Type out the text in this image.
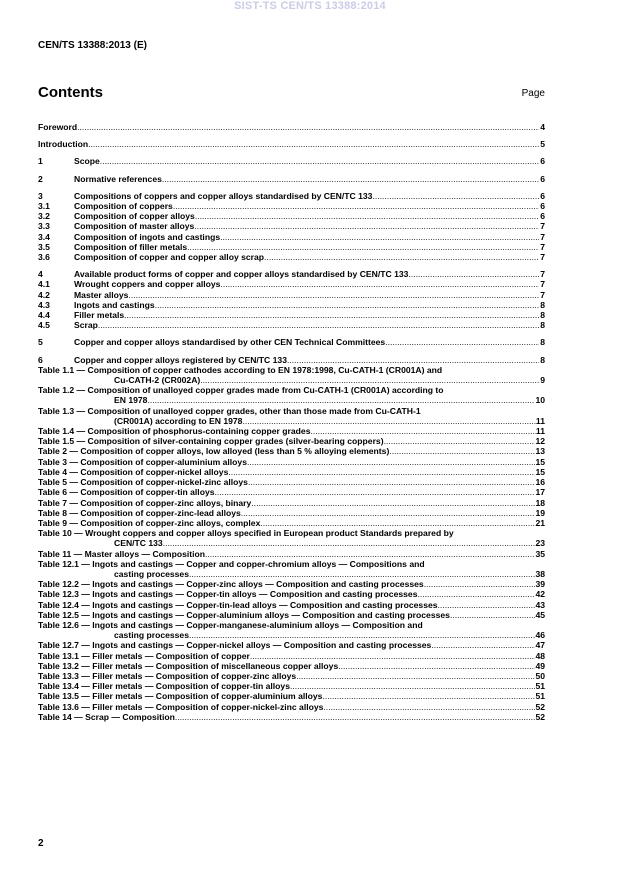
SIST-TS CEN/TS 13388:2014
CEN/TS 13388:2013 (E)
Contents	Page
Foreword .....	4
Introduction .....	5
1	Scope .....	6
2	Normative references .....	6
3	Compositions of coppers and copper alloys standardised by CEN/TC 133 .....	6
3.1	Composition of coppers .....	6
3.2	Composition of copper alloys .....	6
3.3	Composition of master alloys .....	7
3.4	Composition of ingots and castings .....	7
3.5	Composition of filler metals .....	7
3.6	Composition of copper and copper alloy scrap .....	7
4	Available product forms of copper and copper alloys standardised by CEN/TC 133 .....	7
4.1	Wrought coppers and copper alloys .....	7
4.2	Master alloys .....	7
4.3	Ingots and castings .....	8
4.4	Filler metals .....	8
4.5	Scrap .....	8
5	Copper and copper alloys standardised by other CEN Technical Committees .....	8
6	Copper and copper alloys registered by CEN/TC 133 .....	8
Table 1.1 — Composition of copper cathodes according to EN 1978:1998, Cu-CATH-1 (CR001A) and
Cu-CATH-2 (CR002A) .....	9
Table 1.2 — Composition of unalloyed copper grades made from Cu-CATH-1 (CR001A) according to
EN 1978 .....	10
Table 1.3 — Composition of unalloyed copper grades, other than those made from Cu-CATH-1
(CR001A) according to EN 1978 .....	11
Table 1.4 — Composition of phosphorus-containing copper grades .....	11
Table 1.5 — Composition of silver-containing copper grades (silver-bearing coppers) .....	12
Table 2 — Composition of copper alloys, low alloyed (less than 5 % alloying elements) .....	13
Table 3 — Composition of copper-aluminium alloys .....	15
Table 4 — Composition of copper-nickel alloys .....	15
Table 5 — Composition of copper-nickel-zinc alloys .....	16
Table 6 — Composition of copper-tin alloys .....	17
Table 7 — Composition of copper-zinc alloys, binary .....	18
Table 8 — Composition of copper-zinc-lead alloys .....	19
Table 9 — Composition of copper-zinc alloys, complex .....	21
Table 10 — Wrought coppers and copper alloys specified in European product Standards prepared by
CEN/TC 133 .....	23
Table 11 — Master alloys — Composition .....	35
Table 12.1 — Ingots and castings — Copper and copper-chromium alloys — Compositions and
casting processes .....	38
Table 12.2 — Ingots and castings — Copper-zinc alloys — Composition and casting processes .....	39
Table 12.3 — Ingots and castings — Copper-tin alloys — Composition and casting processes .....	42
Table 12.4 — Ingots and castings — Copper-tin-lead alloys — Composition and casting processes .....	43
Table 12.5 — Ingots and castings — Copper-aluminium alloys — Composition and casting processes .....	45
Table 12.6 — Ingots and castings — Copper-manganese-aluminium alloys — Composition and
casting processes .....	46
Table 12.7 — Ingots and castings — Copper-nickel alloys — Composition and casting processes .....	47
Table 13.1 — Filler metals — Composition of copper .....	48
Table 13.2 — Filler metals — Composition of miscellaneous copper alloys .....	49
Table 13.3 — Filler metals — Composition of copper-zinc alloys .....	50
Table 13.4 — Filler metals — Composition of copper-tin alloys .....	51
Table 13.5 — Filler metals — Composition of copper-aluminium alloys .....	51
Table 13.6 — Filler metals — Composition of copper-nickel-zinc alloys .....	52
Table 14 — Scrap — Composition .....	52
2
